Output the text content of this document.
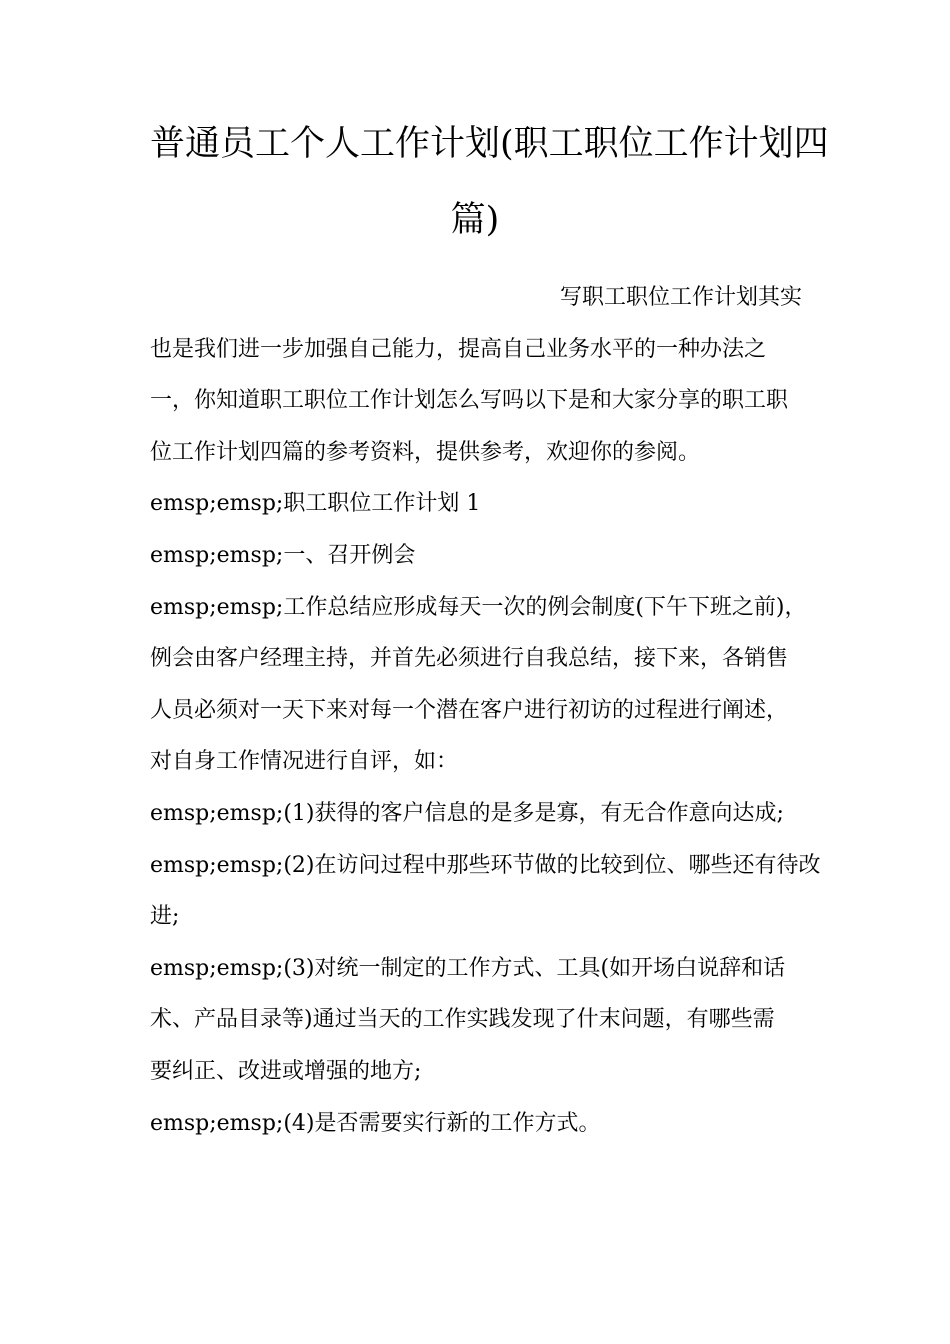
普通员工个人工作计划(职工职位工作计划四
篇)

写职工职位工作计划其实

也是我们进一步加强自己能力，提高自己业务水平的一种办法之

一，你知道职工职位工作计划怎么写吗以下是和大家分享的职工职

位工作计划四篇的参考资料，提供参考，欢迎你的参阅。

emsp;emsp;职工职位工作计划 1

emsp;emsp;一、召开例会

emsp;emsp;工作总结应形成每天一次的例会制度(下午下班之前)，

例会由客户经理主持，并首先必须进行自我总结，接下来，各销售

人员必须对一天下来对每一个潜在客户进行初访的过程进行阐述，

对自身工作情况进行自评，如：

emsp;emsp;(1)获得的客户信息的是多是寡，有无合作意向达成;

emsp;emsp;(2)在访问过程中那些环节做的比较到位、哪些还有待改

进;

emsp;emsp;(3)对统一制定的工作方式、工具(如开场白说辞和话

术、产品目录等)通过当天的工作实践发现了什末问题，有哪些需

要纠正、改进或增强的地方;

emsp;emsp;(4)是否需要实行新的工作方式。
